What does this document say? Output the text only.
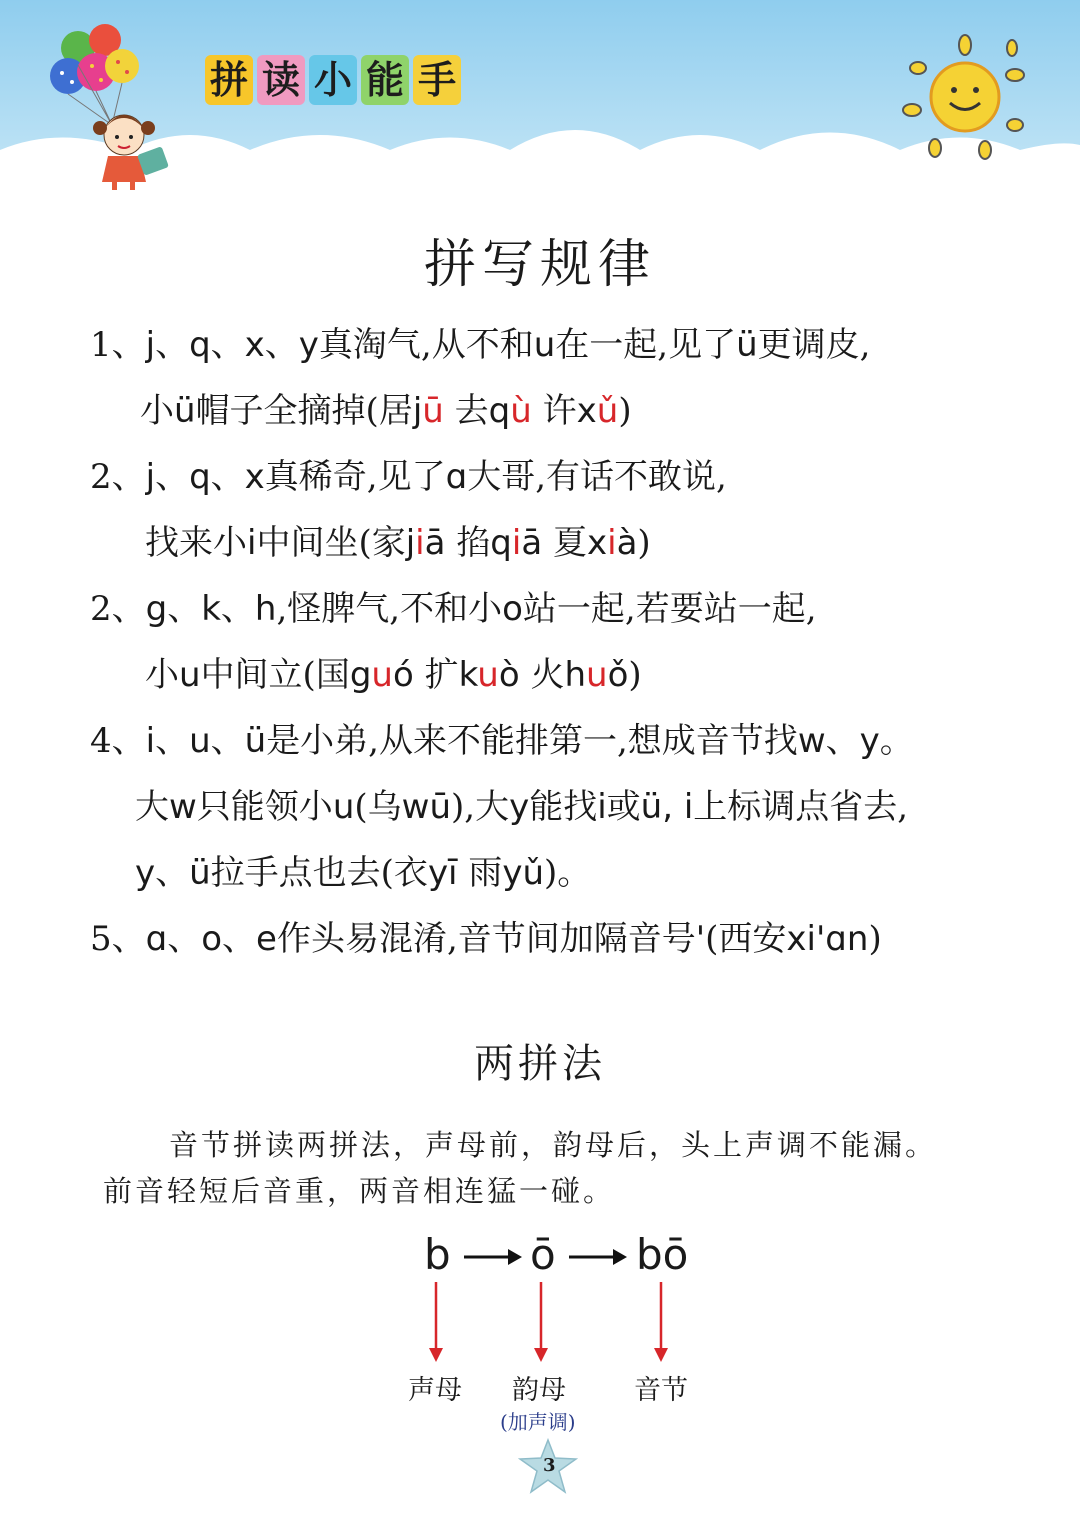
拼 读 小 能 手
拼写规律
1、j、q、x、y真淘气,从不和u在一起,见了ü更调皮,
小ü帽子全摘掉(居jū 去qù 许xǔ)
2、j、q、x真稀奇,见了ɑ大哥,有话不敢说,
找来小i中间坐(家jiā 掐qiā 夏xià)
2、g、k、h,怪脾气,不和小o站一起,若要站一起,
小u中间立(国guó 扩kuò 火huǒ)
4、i、u、ü是小弟,从来不能排第一,想成音节找w、y。
大w只能领小u(乌wū),大y能找i或ü, i上标调点省去,
y、ü拉手点也去(衣yī 雨yǔ)。
5、ɑ、o、e作头易混淆,音节间加隔音号'(西安xi'ɑn)
两拼法
音节拼读两拼法，声母前，韵母后，头上声调不能漏。
前音轻短后音重，两音相连猛一碰。
b ō bō
声母 韵母
(加声调)
音节
3
